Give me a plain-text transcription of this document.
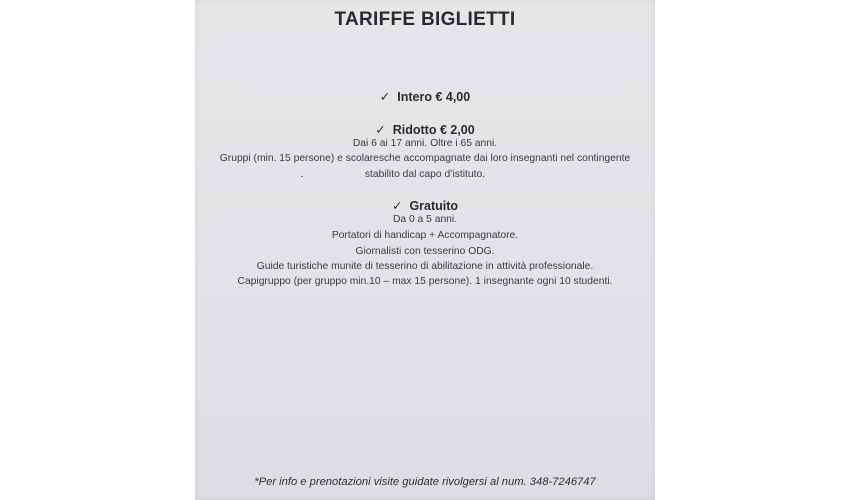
TARIFFE BIGLIETTI
✓ Intero € 4,00
✓ Ridotto € 2,00
Dai 6 ai 17 anni. Oltre i 65 anni.
Gruppi (min. 15 persone) e scolaresche accompagnate dai loro insegnanti nel contingente
stabilito dal capo d’istituto.
✓ Gratuito
Da 0 a 5 anni.
Portatori di handicap + Accompagnatore.
Giornalisti con tesserino ODG.
Guide turistiche munite di tesserino di abilitazione in attività professionale.
Capigruppo (per gruppo min.10 – max 15 persone). 1 insegnante ogni 10 studenti.
*Per info e prenotazioni visite guidate rivolgersi al num. 348-7246747
